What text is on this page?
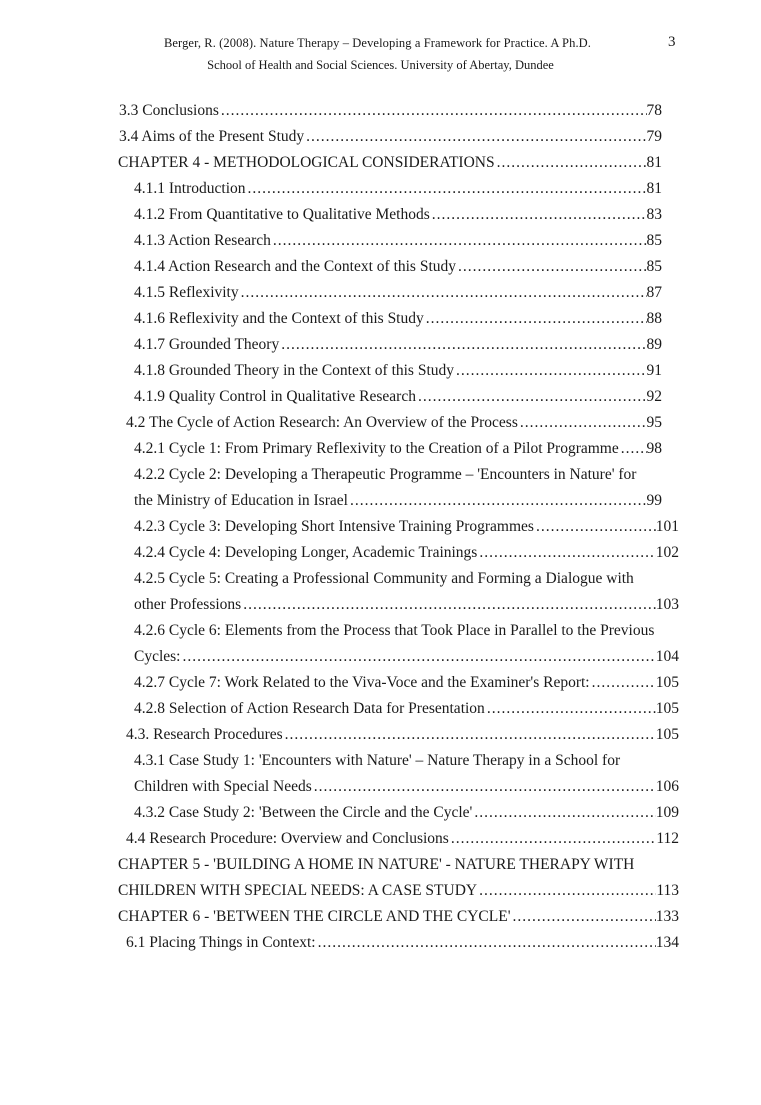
Berger, R. (2008). Nature Therapy – Developing a Framework for Practice. A Ph.D.	3
School of Health and Social Sciences. University of Abertay, Dundee
3.3 Conclusions .....	78
3.4 Aims of the Present Study .....	79
CHAPTER 4 - METHODOLOGICAL CONSIDERATIONS .....	81
4.1.1 Introduction .....	81
4.1.2 From Quantitative to Qualitative Methods .....	83
4.1.3 Action Research .....	85
4.1.4 Action Research and the Context of this Study .....	85
4.1.5 Reflexivity .....	87
4.1.6 Reflexivity and the Context of this Study .....	88
4.1.7 Grounded Theory .....	89
4.1.8 Grounded Theory in the Context of this Study .....	91
4.1.9 Quality Control in Qualitative Research .....	92
4.2 The Cycle of Action Research: An Overview of the Process .....	95
4.2.1 Cycle 1: From Primary Reflexivity to the Creation of a Pilot Programme ..... 98
4.2.2 Cycle 2: Developing a Therapeutic Programme – 'Encounters in Nature' for
the Ministry of Education in Israel .....	99
4.2.3 Cycle 3: Developing Short Intensive Training Programmes .....	101
4.2.4 Cycle 4: Developing Longer, Academic Trainings .....	102
4.2.5 Cycle 5: Creating a Professional Community and Forming a Dialogue with
other Professions .....	103
4.2.6 Cycle 6: Elements from the Process that Took Place in Parallel to the Previous
Cycles: .....	104
4.2.7 Cycle 7: Work Related to the Viva-Voce and the Examiner's Report: .....	105
4.2.8 Selection of Action Research Data for Presentation .....	105
4.3. Research Procedures .....	105
4.3.1 Case Study 1: 'Encounters with Nature' – Nature Therapy in a School for
Children with Special Needs .....	106
4.3.2 Case Study 2: 'Between the Circle and the Cycle' .....	109
4.4 Research Procedure: Overview and Conclusions .....	112
CHAPTER 5 - 'BUILDING A HOME IN NATURE' - NATURE THERAPY WITH
CHILDREN WITH SPECIAL NEEDS: A CASE STUDY .....	113
CHAPTER 6 - 'BETWEEN THE CIRCLE AND THE CYCLE' .....	133
6.1 Placing Things in Context: .....	134
